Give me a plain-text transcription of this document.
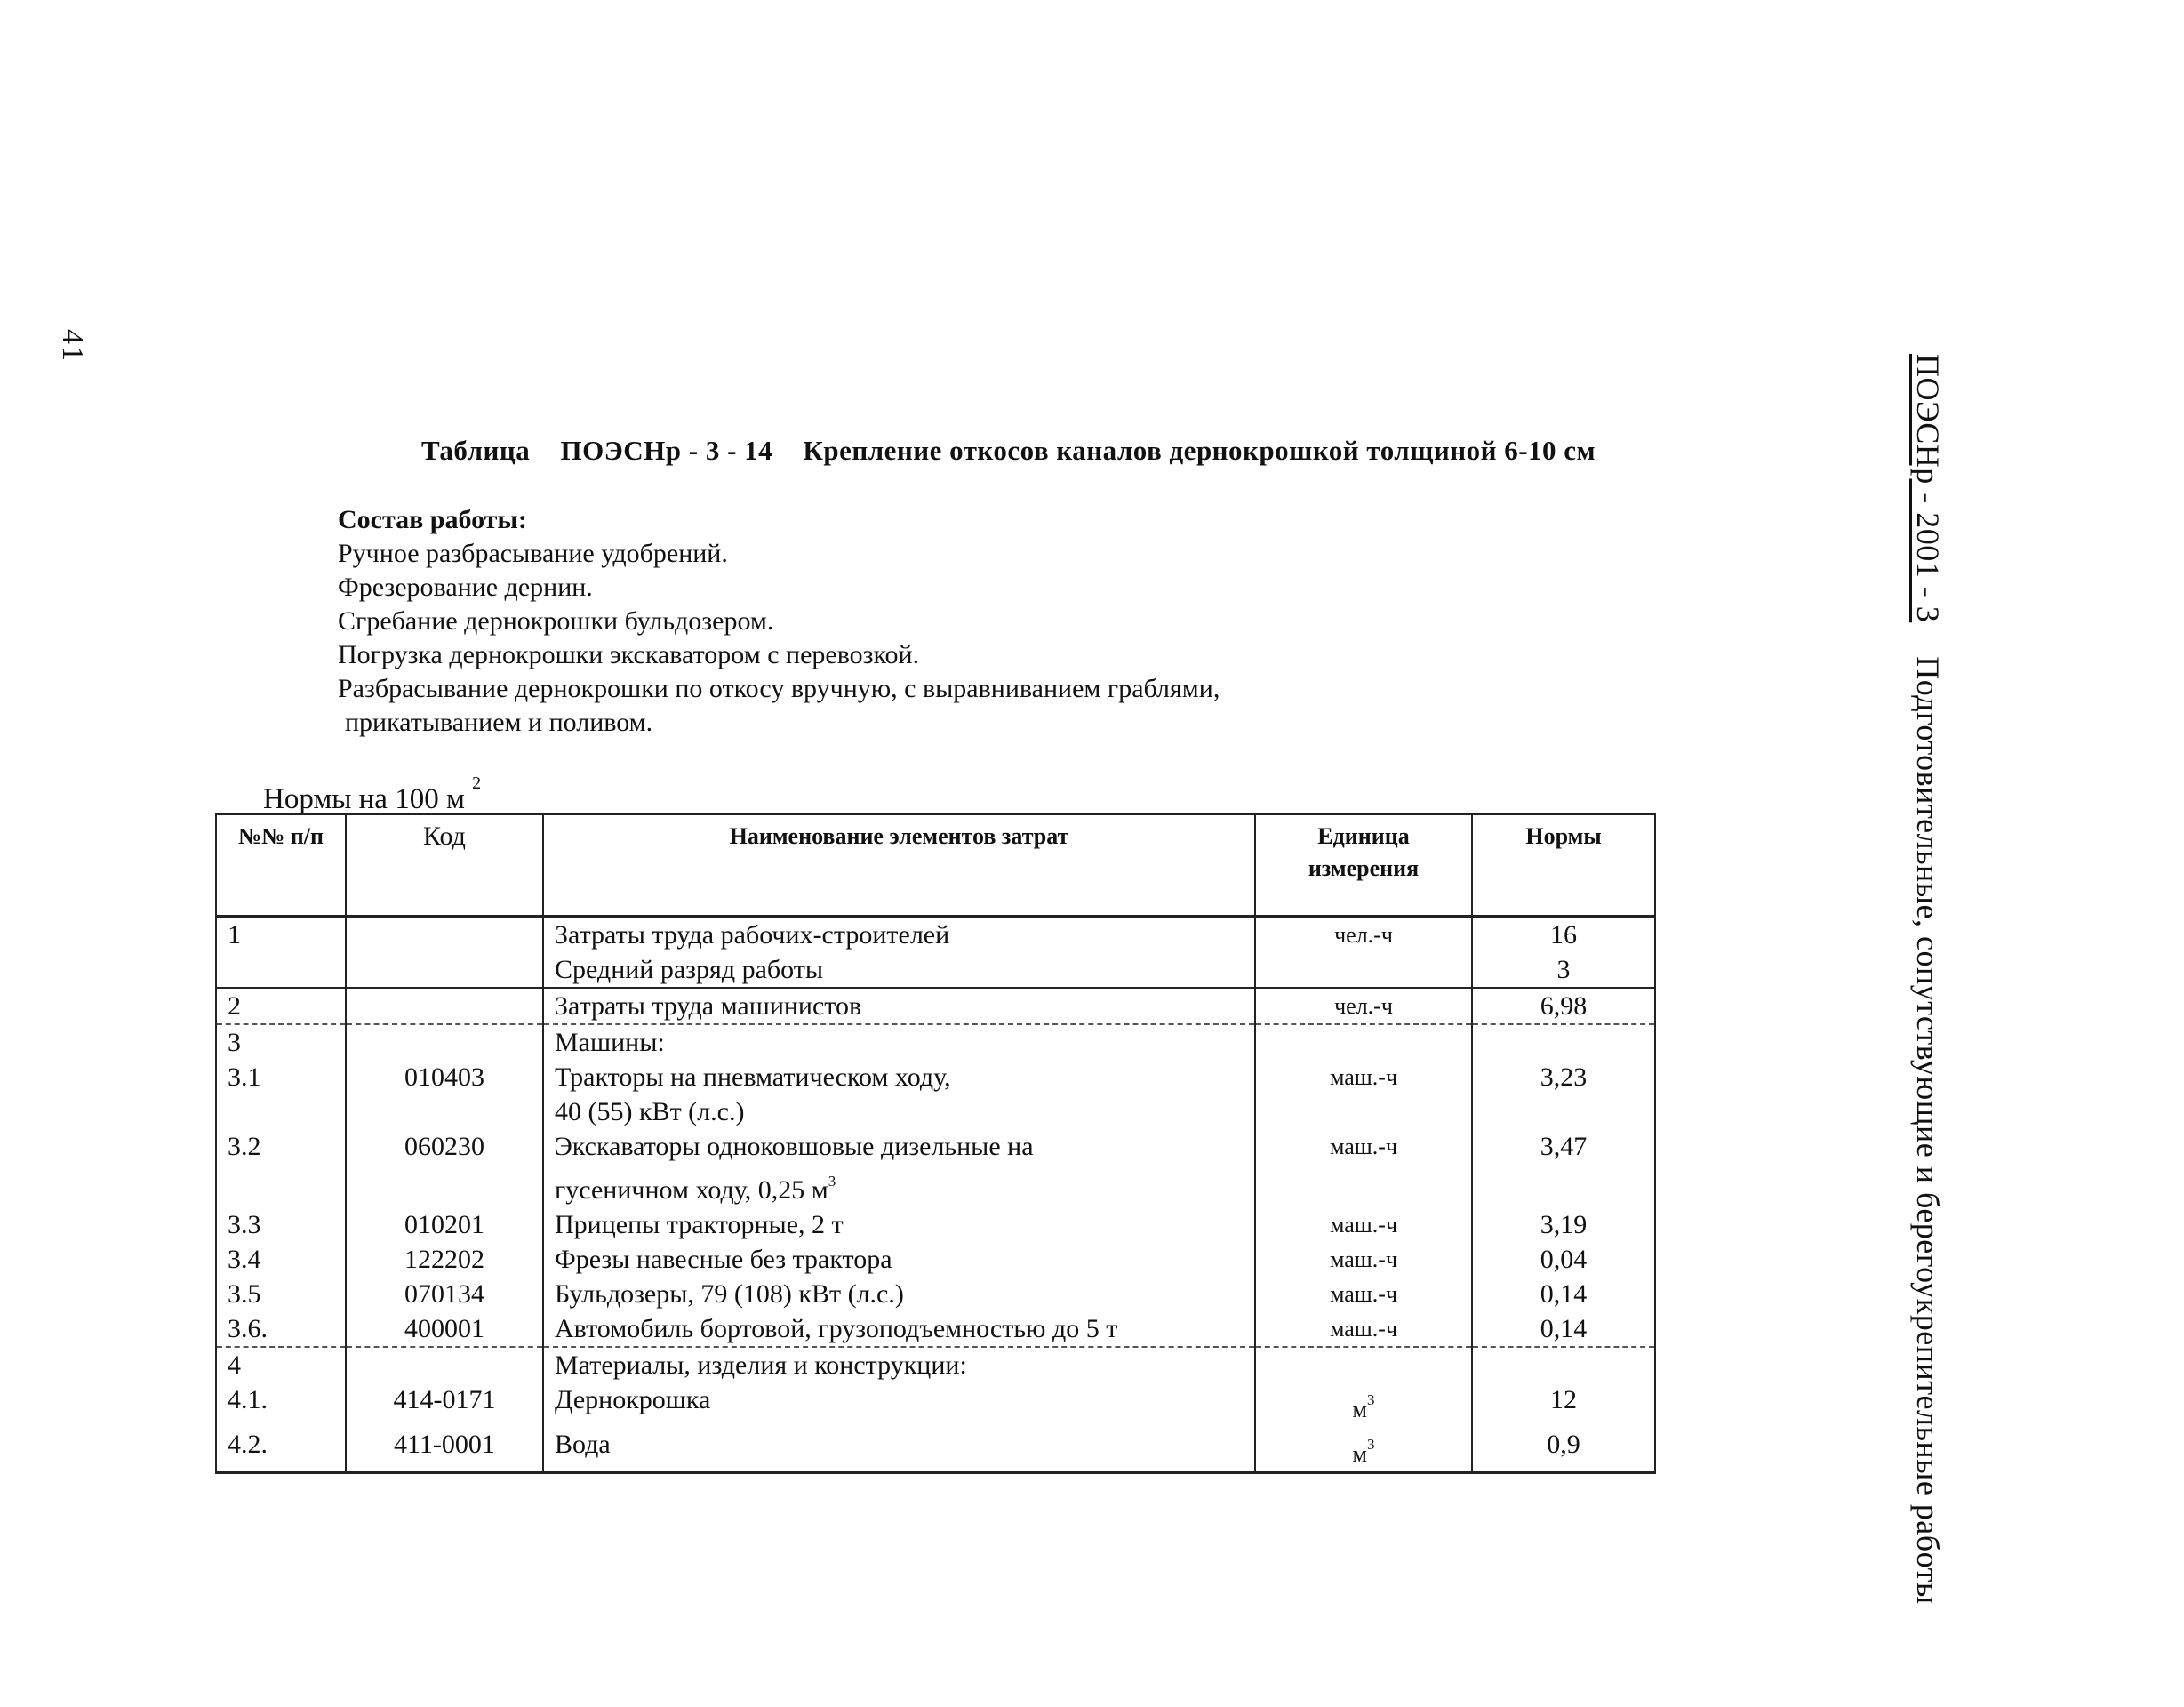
41
ПОЭСНр - 2001 - 3    Подготовительные, сопутствующие и берегоукрепительные работы
Таблица ПОЭСНр - 3 - 14 Крепление откосов каналов дернокрошкой толщиной 6-10 см
Состав работы:
Ручное разбрасывание удобрений.
Фрезерование дернин.
Сгребание дернокрошки бульдозером.
Погрузка дернокрошки экскаватором с перевозкой.
Разбрасывание дернокрошки по откосу вручную, с выравниванием граблями,
прикатыванием и поливом.
Нормы на 100 м $^2$
№№ п/п	Код	Наименование элементов затрат	Единица измерения	Нормы
1		Затраты труда рабочих-строителей	чел.-ч	16
		Средний разряд работы		3
2		Затраты труда машинистов	чел.-ч	6,98
3		Машины:		
3.1	010403	Тракторы на пневматическом ходу,	маш.-ч	3,23
		40 (55) кВт (л.с.)		
3.2	060230	Экскаваторы одноковшовые дизельные на	маш.-ч	3,47
		гусеничном ходу, 0,25 $м^3$		
3.3	010201	Прицепы тракторные, 2 т	маш.-ч	3,19
3.4	122202	Фрезы навесные без трактора	маш.-ч	0,04
3.5	070134	Бульдозеры, 79 (108) кВт (л.с.)	маш.-ч	0,14
3.6.	400001	Автомобиль бортовой, грузоподъемностью до 5 т	маш.-ч	0,14
4		Материалы, изделия и конструкции:		
4.1.	414-0171	Дернокрошка	$м^3$	12
4.2.	411-0001	Вода	$м^3$	0,9
